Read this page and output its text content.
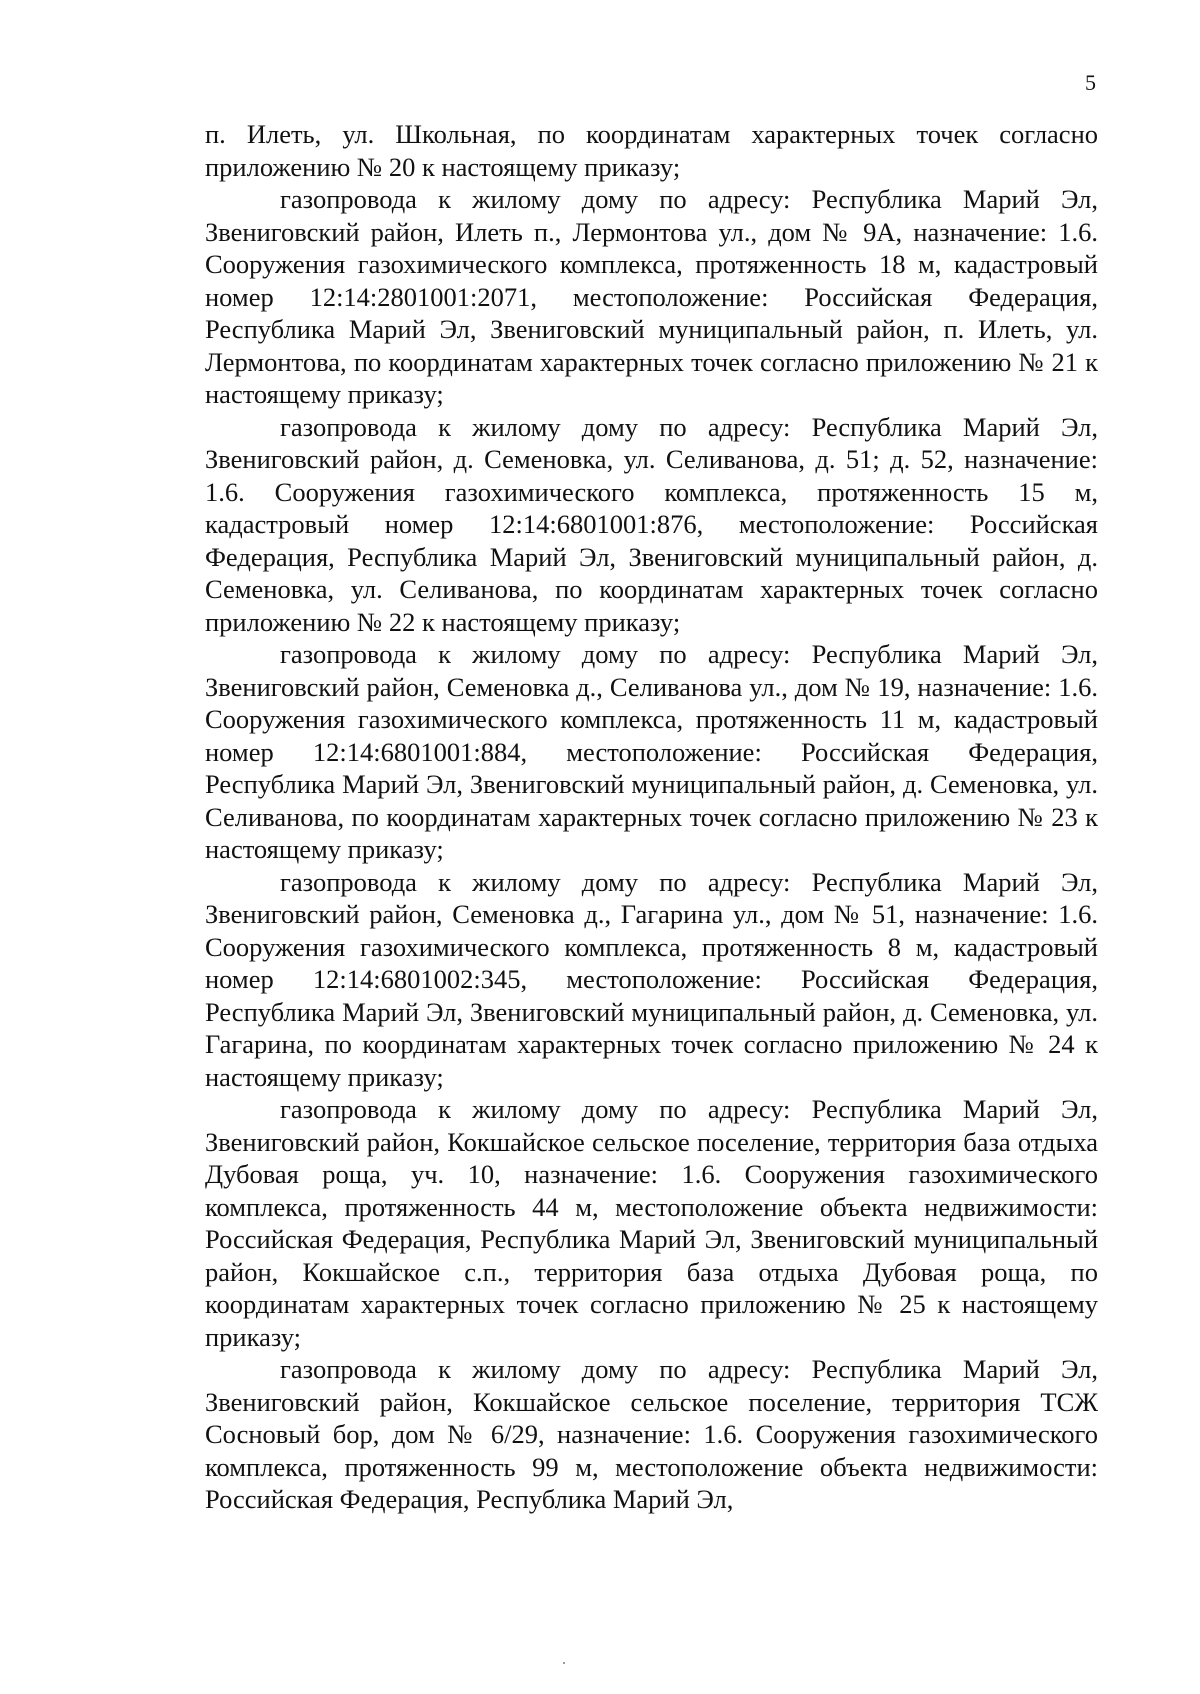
5

п. Илеть, ул. Школьная, по координатам характерных точек согласно приложению № 20 к настоящему приказу;

газопровода к жилому дому по адресу: Республика Марий Эл, Звениговский район, Илеть п., Лермонтова ул., дом № 9А, назначение: 1.6. Сооружения газохимического комплекса, протяженность 18 м, кадастровый номер 12:14:2801001:2071, местоположение: Российская Федерация, Республика Марий Эл, Звениговский муниципальный район, п. Илеть, ул. Лермонтова, по координатам характерных точек согласно приложению № 21 к настоящему приказу;

газопровода к жилому дому по адресу: Республика Марий Эл, Звениговский район, д. Семеновка, ул. Селиванова, д. 51; д. 52, назначение: 1.6. Сооружения газохимического комплекса, протяженность 15 м, кадастровый номер 12:14:6801001:876, местоположение: Российская Федерация, Республика Марий Эл, Звениговский муниципальный район, д. Семеновка, ул. Селиванова, по координатам характерных точек согласно приложению № 22 к настоящему приказу;

газопровода к жилому дому по адресу: Республика Марий Эл, Звениговский район, Семеновка д., Селиванова ул., дом № 19, назначение: 1.6. Сооружения газохимического комплекса, протяженность 11 м, кадастровый номер 12:14:6801001:884, местоположение: Российская Федерация, Республика Марий Эл, Звениговский муниципальный район, д. Семеновка, ул. Селиванова, по координатам характерных точек согласно приложению № 23 к настоящему приказу;

газопровода к жилому дому по адресу: Республика Марий Эл, Звениговский район, Семеновка д., Гагарина ул., дом № 51, назначение: 1.6. Сооружения газохимического комплекса, протяженность 8 м, кадастровый номер 12:14:6801002:345, местоположение: Российская Федерация, Республика Марий Эл, Звениговский муниципальный район, д. Семеновка, ул. Гагарина, по координатам характерных точек согласно приложению № 24 к настоящему приказу;

газопровода к жилому дому по адресу: Республика Марий Эл, Звениговский район, Кокшайское сельское поселение, территория база отдыха Дубовая роща, уч. 10, назначение: 1.6. Сооружения газохимического комплекса, протяженность 44 м, местоположение объекта недвижимости: Российская Федерация, Республика Марий Эл, Звениговский муниципальный район, Кокшайское с.п., территория база отдыха Дубовая роща, по координатам характерных точек согласно приложению № 25 к настоящему приказу;

газопровода к жилому дому по адресу: Республика Марий Эл, Звениговский район, Кокшайское сельское поселение, территория ТСЖ Сосновый бор, дом № 6/29, назначение: 1.6. Сооружения газохимического комплекса, протяженность 99 м, местоположение объекта недвижимости: Российская Федерация, Республика Марий Эл,
